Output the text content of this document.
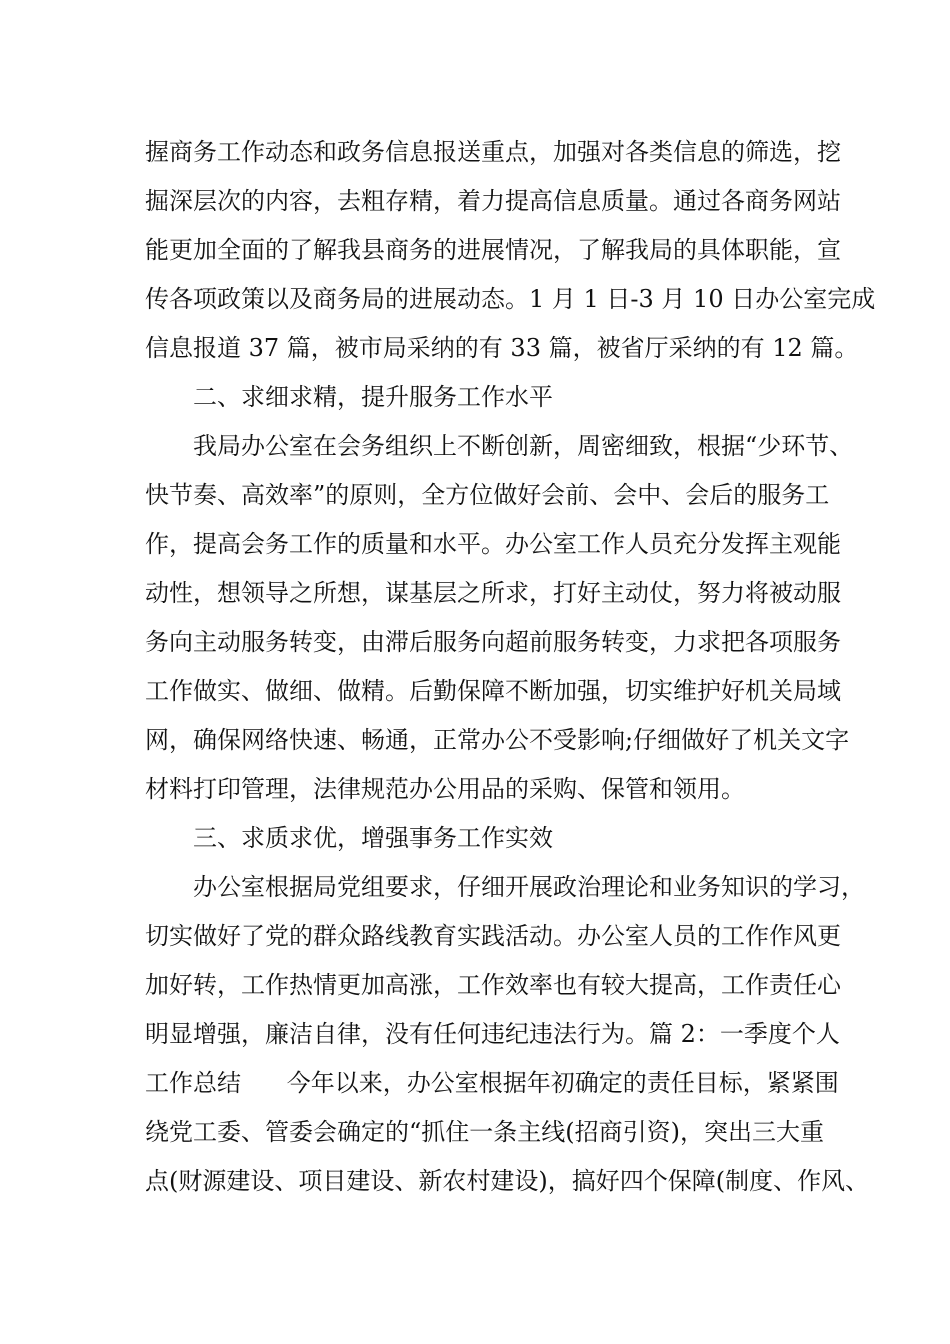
握商务工作动态和政务信息报送重点，加强对各类信息的筛选，挖
掘深层次的内容，去粗存精，着力提高信息质量。通过各商务网站
能更加全面的了解我县商务的进展情况，了解我局的具体职能，宣
传各项政策以及商务局的进展动态。1 月 1 日-3 月 10 日办公室完成
信息报道 37 篇，被市局采纳的有 33 篇，被省厅采纳的有 12 篇。
二、求细求精，提升服务工作水平
我局办公室在会务组织上不断创新，周密细致，根据“少环节、
快节奏、高效率”的原则，全方位做好会前、会中、会后的服务工
作，提高会务工作的质量和水平。办公室工作人员充分发挥主观能
动性，想领导之所想，谋基层之所求，打好主动仗，努力将被动服
务向主动服务转变，由滞后服务向超前服务转变，力求把各项服务
工作做实、做细、做精。后勤保障不断加强，切实维护好机关局域
网，确保网络快速、畅通，正常办公不受影响;仔细做好了机关文字
材料打印管理，法律规范办公用品的采购、保管和领用。
三、求质求优，增强事务工作实效
办公室根据局党组要求，仔细开展政治理论和业务知识的学习，
切实做好了党的群众路线教育实践活动。办公室人员的工作作风更
加好转，工作热情更加高涨，工作效率也有较大提高，工作责任心
明显增强，廉洁自律，没有任何违纪违法行为。篇 2：一季度个人
工作总结      今年以来，办公室根据年初确定的责任目标，紧紧围
绕党工委、管委会确定的“抓住一条主线(招商引资)，突出三大重
点(财源建设、项目建设、新农村建设)，搞好四个保障(制度、作风、
